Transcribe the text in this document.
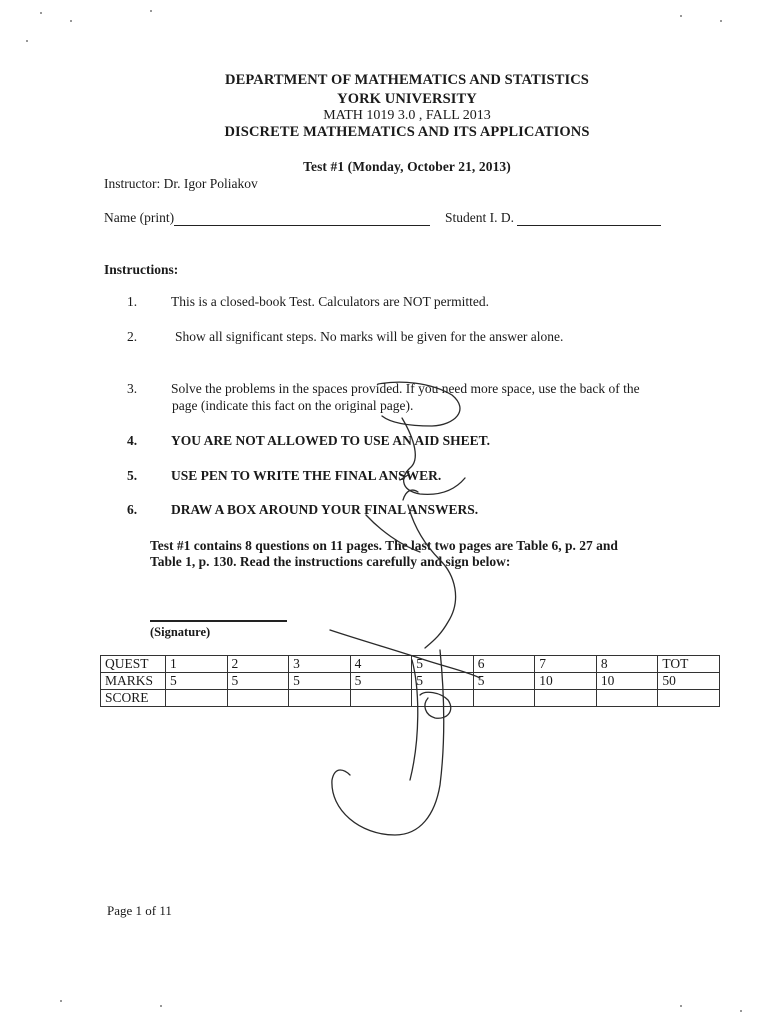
DEPARTMENT OF MATHEMATICS AND STATISTICS
YORK UNIVERSITY
MATH 1019 3.0 , FALL 2013
DISCRETE MATHEMATICS AND ITS APPLICATIONS
Test #1 (Monday, October 21, 2013)
Instructor: Dr. Igor Poliakov
Name (print)	Student I. D.
Instructions:
1.	This is a closed-book Test. Calculators are NOT permitted.
2.	Show all significant steps. No marks will be given for the answer alone.
3.	Solve the problems in the spaces provided. If you need more space, use the back of the
page (indicate this fact on the original page).
4.	YOU ARE NOT ALLOWED TO USE AN AID SHEET.
5.	USE PEN TO WRITE THE FINAL ANSWER.
6.	DRAW A BOX AROUND YOUR FINAL ANSWERS.
Test #1 contains 8 questions on 11 pages. The last two pages are Table 6, p. 27 and
Table 1, p. 130. Read the instructions carefully and sign below:
(Signature)
QUEST	1	2	3	4	5	6	7	8	TOT
MARKS	5	5	5	5	5	5	10	10	50
SCORE									
Page 1 of 11
